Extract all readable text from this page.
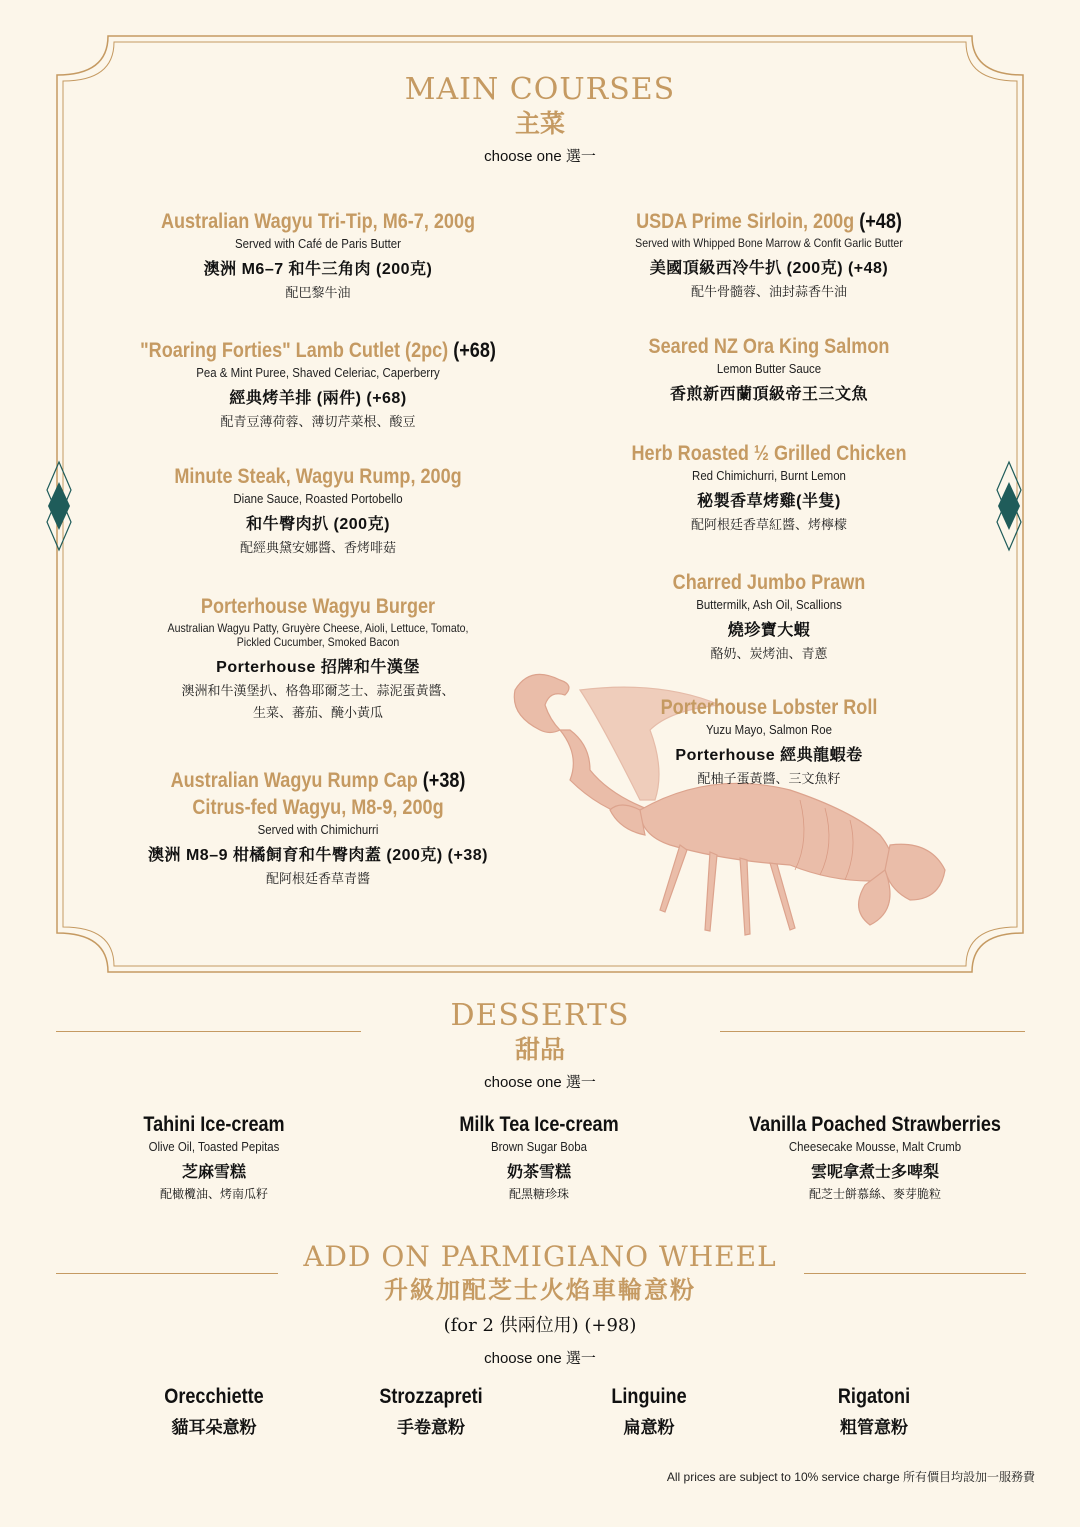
MAIN COURSES
主菜
choose one 選一
Australian Wagyu Tri-Tip, M6-7, 200g
Served with Café de Paris Butter
澳洲 M6–7 和牛三角肉 (200克)
配巴黎牛油
"Roaring Forties" Lamb Cutlet (2pc) (+68)
Pea & Mint Puree, Shaved Celeriac, Caperberry
經典烤羊排 (兩件) (+68)
配青豆薄荷蓉、薄切芹菜根、酸豆
Minute Steak, Wagyu Rump, 200g
Diane Sauce, Roasted Portobello
和牛臀肉扒 (200克)
配經典黛安娜醬、香烤啡菇
Porterhouse Wagyu Burger
Australian Wagyu Patty, Gruyère Cheese, Aioli, Lettuce, Tomato,
Pickled Cucumber, Smoked Bacon
Porterhouse 招牌和牛漢堡
澳洲和牛漢堡扒、格魯耶爾芝士、蒜泥蛋黃醬、
生菜、蕃茄、醃小黃瓜
Australian Wagyu Rump Cap (+38)
Citrus-fed Wagyu, M8-9, 200g
Served with Chimichurri
澳洲 M8–9 柑橘飼育和牛臀肉蓋 (200克) (+38)
配阿根廷香草青醬
USDA Prime Sirloin, 200g (+48)
Served with Whipped Bone Marrow & Confit Garlic Butter
美國頂級西冷牛扒 (200克) (+48)
配牛骨髓蓉、油封蒜香牛油
Seared NZ Ora King Salmon
Lemon Butter Sauce
香煎新西蘭頂級帝王三文魚
Herb Roasted ½ Grilled Chicken
Red Chimichurri, Burnt Lemon
秘製香草烤雞(半隻)
配阿根廷香草紅醬、烤檸檬
Charred Jumbo Prawn
Buttermilk, Ash Oil, Scallions
燒珍寶大蝦
酪奶、炭烤油、青蔥
Porterhouse Lobster Roll
Yuzu Mayo, Salmon Roe
Porterhouse 經典龍蝦卷
配柚子蛋黃醬、三文魚籽
DESSERTS
甜品
choose one 選一
Tahini Ice-cream
Olive Oil, Toasted Pepitas
芝麻雪糕
配橄欖油、烤南瓜籽
Milk Tea Ice-cream
Brown Sugar Boba
奶茶雪糕
配黑糖珍珠
Vanilla Poached Strawberries
Cheesecake Mousse, Malt Crumb
雲呢拿煮士多啤梨
配芝士餅慕絲、麥芽脆粒
ADD ON PARMIGIANO WHEEL
升級加配芝士火焰車輪意粉
(for 2 供兩位用) (+98)
choose one 選一
Orecchiette
貓耳朵意粉
Strozzapreti
手卷意粉
Linguine
扁意粉
Rigatoni
粗管意粉
All prices are subject to 10% service charge 所有價目均設加一服務費
